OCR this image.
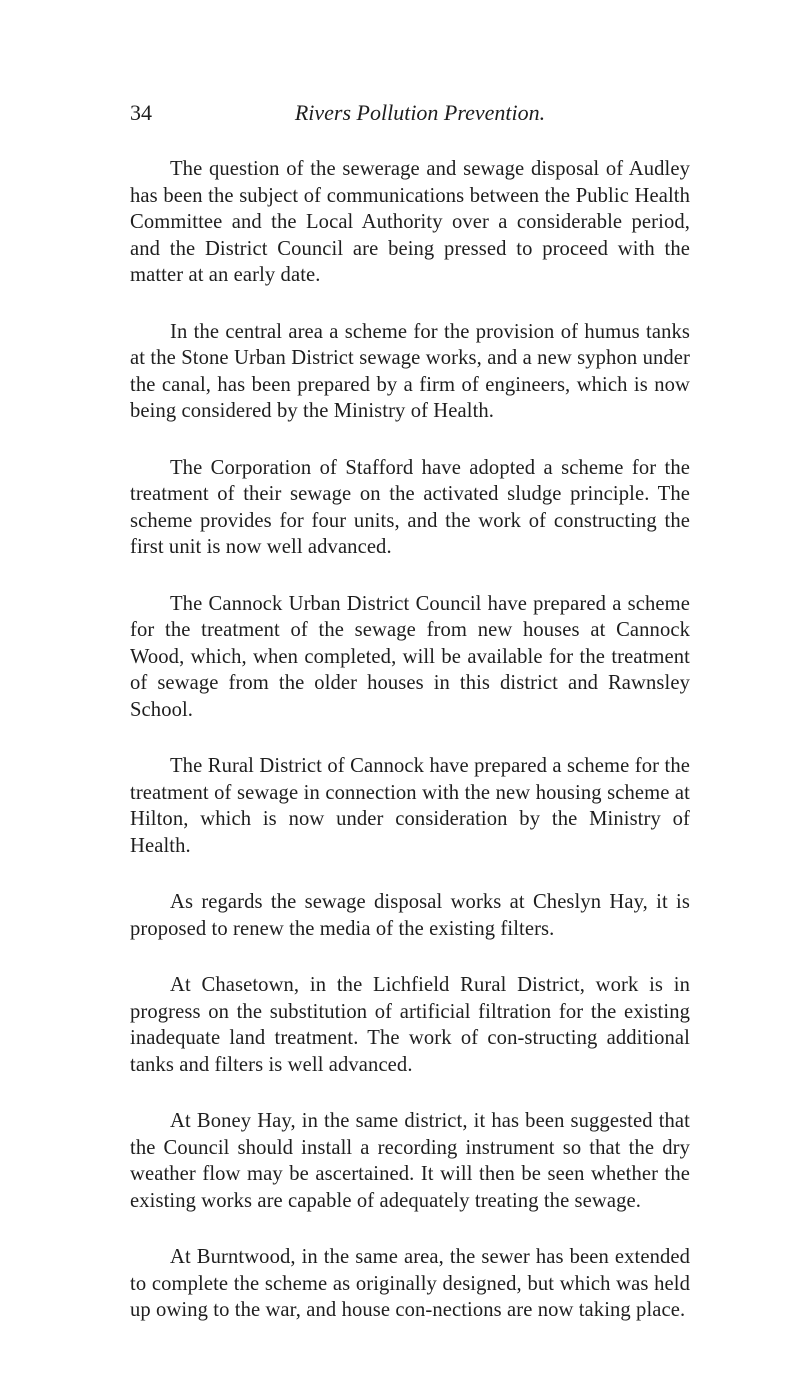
34	Rivers Pollution Prevention.

The question of the sewerage and sewage disposal of Audley has been the subject of communications between the Public Health Committee and the Local Authority over a considerable period, and the District Council are being pressed to proceed with the matter at an early date.

In the central area a scheme for the provision of humus tanks at the Stone Urban District sewage works, and a new syphon under the canal, has been prepared by a firm of engineers, which is now being considered by the Ministry of Health.

The Corporation of Stafford have adopted a scheme for the treatment of their sewage on the activated sludge principle. The scheme provides for four units, and the work of constructing the first unit is now well advanced.

The Cannock Urban District Council have prepared a scheme for the treatment of the sewage from new houses at Cannock Wood, which, when completed, will be available for the treatment of sewage from the older houses in this district and Rawnsley School.

The Rural District of Cannock have prepared a scheme for the treatment of sewage in connection with the new housing scheme at Hilton, which is now under consideration by the Ministry of Health.

As regards the sewage disposal works at Cheslyn Hay, it is proposed to renew the media of the existing filters.

At Chasetown, in the Lichfield Rural District, work is in progress on the substitution of artificial filtration for the existing inadequate land treatment. The work of con-structing additional tanks and filters is well advanced.

At Boney Hay, in the same district, it has been suggested that the Council should install a recording instrument so that the dry weather flow may be ascertained. It will then be seen whether the existing works are capable of adequately treating the sewage.

At Burntwood, in the same area, the sewer has been extended to complete the scheme as originally designed, but which was held up owing to the war, and house con-nections are now taking place.
